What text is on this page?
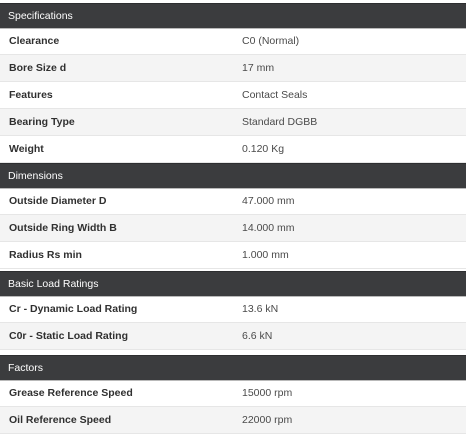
Specifications
Clearance	C0 (Normal)
Bore Size d	17 mm
Features	Contact Seals
Bearing Type	Standard DGBB
Weight	0.120 Kg
Dimensions
Outside Diameter D	47.000 mm
Outside Ring Width B	14.000 mm
Radius Rs min	1.000 mm
Basic Load Ratings
Cr - Dynamic Load Rating	13.6 kN
C0r - Static Load Rating	6.6 kN
Factors
Grease Reference Speed	15000 rpm
Oil Reference Speed	22000 rpm
